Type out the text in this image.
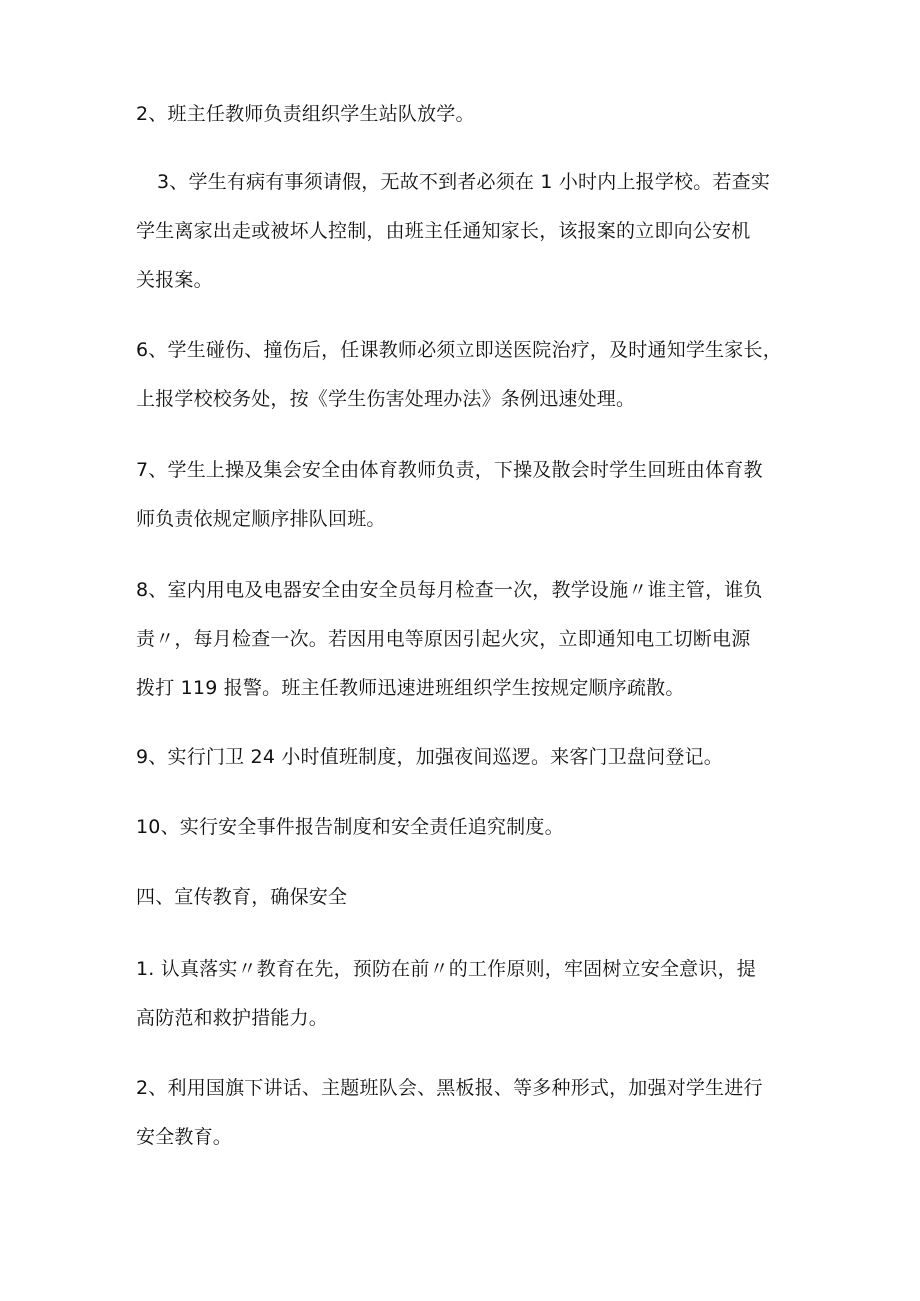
2、班主任教师负责组织学生站队放学。
3、学生有病有事须请假，无故不到者必须在 1 小时内上报学校。若查实
学生离家出走或被坏人控制，由班主任通知家长，该报案的立即向公安机
关报案。
6、学生碰伤、撞伤后，任课教师必须立即送医院治疗，及时通知学生家长，
上报学校校务处，按《学生伤害处理办法》条例迅速处理。
7、学生上操及集会安全由体育教师负责，下操及散会时学生回班由体育教
师负责依规定顺序排队回班。
8、室内用电及电器安全由安全员每月检查一次，教学设施〃谁主管，谁负
责〃，每月检查一次。若因用电等原因引起火灾，立即通知电工切断电源
拨打 119 报警。班主任教师迅速进班组织学生按规定顺序疏散。
9、实行门卫 24 小时值班制度，加强夜间巡逻。来客门卫盘问登记。
10、实行安全事件报告制度和安全责任追究制度。
四、宣传教育，确保安全
1. 认真落实〃教育在先，预防在前〃的工作原则，牢固树立安全意识，提
高防范和救护措能力。
2、利用国旗下讲话、主题班队会、黑板报、等多种形式，加强对学生进行
安全教育。
